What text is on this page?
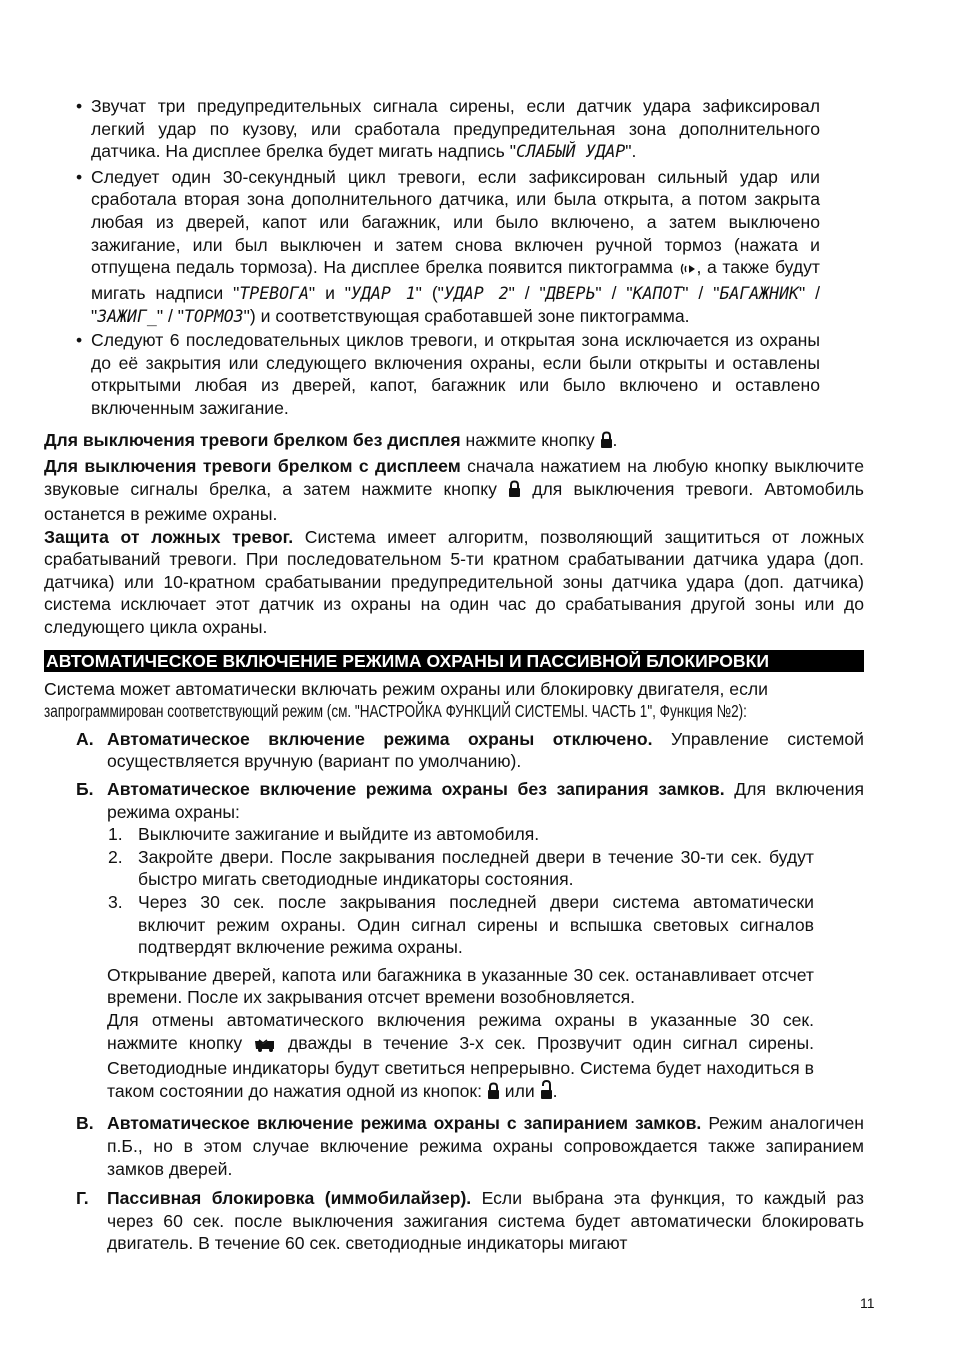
• Звучат три предупредительных сигнала сирены, если датчик удара зафиксировал легкий удар по кузову, или сработала предупредительная зона дополнительного датчика. На дисплее брелка будет мигать надпись "СЛАБЫЙ УДАР".

• Следует один 30-секундный цикл тревоги, если зафиксирован сильный удар или сработала вторая зона дополнительного датчика, или была открыта, а потом закрыта любая из дверей, капот или багажник, или было включено, а затем выключено зажигание, или был выключен и затем снова включен ручной тормоз (нажата и отпущена педаль тормоза). На дисплее брелка появится пиктограмма , а также будут мигать надписи "ТРЕВОГА" и "УДАР 1" ("УДАР 2" / "ДВЕРЬ" / "КАПОТ" / "БАГАЖНИК" / "ЗАЖИГ_" / "ТОРМОЗ") и соответствующая сработавшей зоне пиктограмма.

• Следуют 6 последовательных циклов тревоги, и открытая зона исключается из охраны до её закрытия или следующего включения охраны, если были открыты и оставлены открытыми любая из дверей, капот, багажник или было включено и оставлено включенным зажигание.

Для выключения тревоги брелком без дисплея нажмите кнопку .

Для выключения тревоги брелком с дисплеем сначала нажатием на любую кнопку выключите звуковые сигналы брелка, а затем нажмите кнопку  для выключения тревоги. Автомобиль останется в режиме охраны.

Защита от ложных тревог. Система имеет алгоритм, позволяющий защититься от ложных срабатываний тревоги. При последовательном 5-ти кратном срабатывании датчика удара (доп. датчика) или 10-кратном срабатывании предупредительной зоны датчика удара (доп. датчика) система исключает этот датчик из охраны на один час до срабатывания другой зоны или до следующего цикла охраны.

АВТОМАТИЧЕСКОЕ ВКЛЮЧЕНИЕ РЕЖИМА ОХРАНЫ И ПАССИВНОЙ БЛОКИРОВКИ

Система может автоматически включать режим охраны или блокировку двигателя, если
запрограммирован соответствующий режим (см. "НАСТРОЙКА ФУНКЦИЙ СИСТЕМЫ. ЧАСТЬ 1", Функция №2):

А. Автоматическое включение режима охраны отключено. Управление системой осуществляется вручную (вариант по умолчанию).

Б. Автоматическое включение режима охраны без запирания замков. Для включения режима охраны:

1. Выключите зажигание и выйдите из автомобиля.

2. Закройте двери. После закрывания последней двери в течение 30-ти сек. будут быстро мигать светодиодные индикаторы состояния.

3. Через 30 сек. после закрывания последней двери система автоматически включит режим охраны. Один сигнал сирены и вспышка световых сигналов подтвердят включение режима охраны.

Открывание дверей, капота или багажника в указанные 30 сек. останавливает отсчет времени. После их закрывания отсчет времени возобновляется.

Для отмены автоматического включения режима охраны в указанные 30 сек. нажмите кнопку  дважды в течение 3-х сек. Прозвучит один сигнал сирены. Светодиодные индикаторы будут светиться непрерывно. Система будет находиться в таком состоянии до нажатия одной из кнопок:  или .

В. Автоматическое включение режима охраны с запиранием замков. Режим аналогичен п.Б., но в этом случае включение режима охраны сопровождается также запиранием замков дверей.

Г. Пассивная блокировка (иммобилайзер). Если выбрана эта функция, то каждый раз через 60 сек. после выключения зажигания система будет автоматически блокировать двигатель. В течение 60 сек. светодиодные индикаторы мигают

11
